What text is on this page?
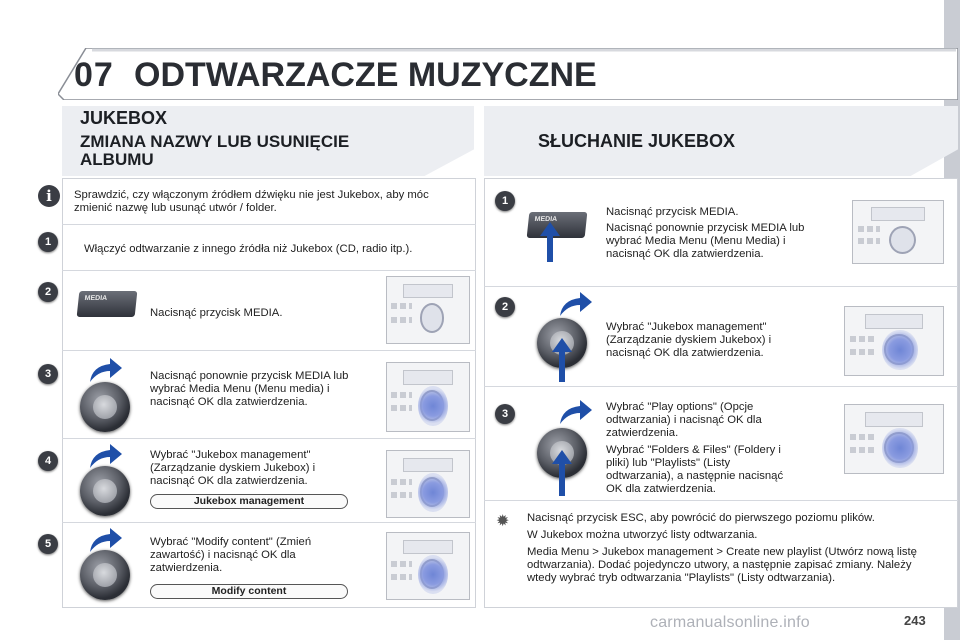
07 ODTWARZACZE MUZYCZNE
JUKEBOX
ZMIANA NAZWY LUB USUNIĘCIE ALBUMU
i	Sprawdzić, czy włączonym źródłem dźwięku nie jest Jukebox, aby móc zmienić nazwę lub usunąć utwór / folder.
1
Włączyć odtwarzanie z innego źródła niż Jukebox (CD, radio itp.).
2
MEDIA
Nacisnąć przycisk MEDIA.
3	Nacisnąć ponownie przycisk MEDIA lub wybrać Media Menu (Menu media) i nacisnąć OK dla zatwierdzenia.
4	Wybrać "Jukebox management" (Zarządzanie dyskiem Jukebox) i nacisnąć OK dla zatwierdzenia.
Jukebox management
5	Wybrać "Modify content" (Zmień zawartość) i nacisnąć OK dla zatwierdzenia.
Modify content
SŁUCHANIE JUKEBOX
1
MEDIA
Nacisnąć przycisk MEDIA.
Nacisnąć ponownie przycisk MEDIA lub wybrać Media Menu (Menu Media) i nacisnąć OK dla zatwierdzenia.
2
Wybrać "Jukebox management" (Zarządzanie dyskiem Jukebox) i nacisnąć OK dla zatwierdzenia.
3
Wybrać "Play options" (Opcje odtwarzania) i nacisnąć OK dla zatwierdzenia.
Wybrać "Folders & Files" (Foldery i pliki) lub "Playlists" (Listy odtwarzania), a następnie nacisnąć OK dla zatwierdzenia.
✹ Nacisnąć przycisk ESC, aby powrócić do pierwszego poziomu plików.
W Jukebox można utworzyć listy odtwarzania.
Media Menu > Jukebox management > Create new playlist (Utwórz nową listę odtwarzania). Dodać pojedynczo utwory, a następnie zapisać zmiany. Należy wtedy wybrać tryb odtwarzania "Playlists" (Listy odtwarzania).
carmanualsonline.info	243
